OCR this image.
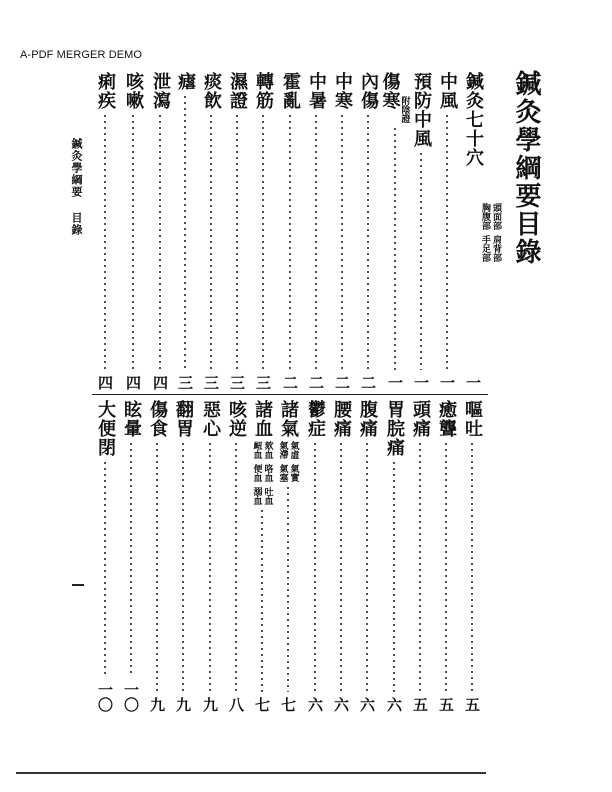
A-PDF MERGER DEMO
鍼灸學綱要目錄
鍼灸學綱要目錄
鍼灸七十穴
頭面部
胸腹部
肩背部
手足部
一
中風
一
預防中風
一
傷寒 附
陰證
一
內傷
二
中寒
二
中暑
二
霍亂
二
轉筋
三
濕證
三
痰飲
三
瘧
三
泄瀉
四
咳嗽
四
痢疾
四
嘔吐
五
癒聾
五
頭痛
五
胃脘痛
六
腹痛
六
腰痛
六
鬱症
六
諸氣
氣虛
氣滯
氣實
氣塞
七
諸血
欬血
衄血
咯血
便血
吐血
溺血
七
咳逆
八
惡心
九
翻胃
九
傷食
九
眩暈
一〇
大便閉
一〇
